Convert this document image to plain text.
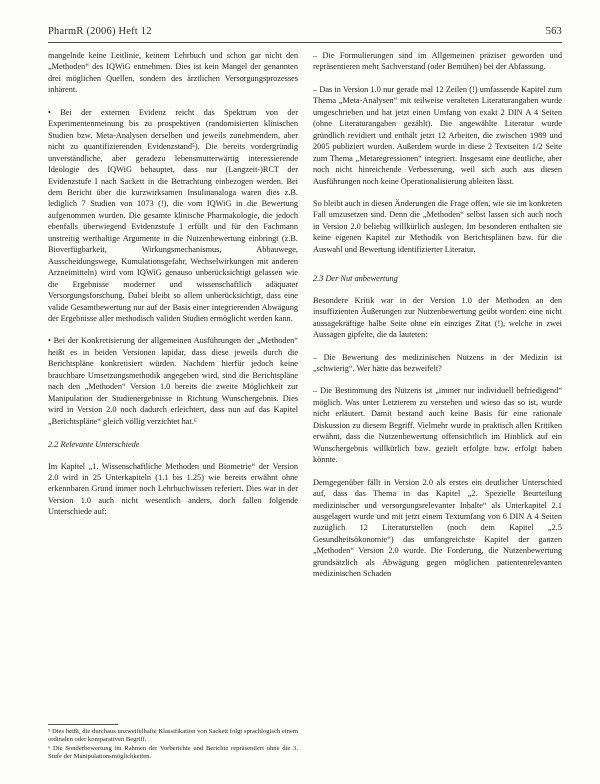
PharmR (2006) Heft 12	563

mangelnde keine Leitlinie, keinem Lehrbuch und schon gar nicht den „Methoden“ des IQWiG entnehmen. Dies ist kein Mangel der genannten drei möglichen Quellen, sondern des ärztlichen Versorgungsprozesses inhärent.

• Bei der externen Evidenz reicht das Spektrum von der Experimentenmeinung bis zu prospektiven (randomisierten klinischen Studien bzw. Meta-Analysen derselben und jeweils zunehmendem, aber nicht zu quantifizierenden Evidenzstand⁵). Die bereits vordergründig unverständliche, aber geradezu lebensmutterwärtig interessierende Ideologie des IQWiG behauptet, dass nur (Langzeit-)RCT der Evidenzstufe I nach Sackett in die Betrachtung einbezogen werden. Bei dem Bericht über die kurzwirksamen Insulinanaloga waren dies z.B. lediglich 7 Studien von 1073 (!), die vom IQWiG in die Bewertung aufgenommen wurden. Die gesamte klinische Pharmakologie, die jedoch ebenfalls überwiegend Evidenzstufe I erfüllt und für den Fachmann unstreitig werthaltige Argumente in die Nutzenbewertung einbringt (z.B. Bioverfügbarkeit, Wirkungsmechanismus, Abbauwege, Ausscheidungswege, Kumulationsgefahr, Wechselwirkungen mit anderen Arzneimitteln) wird vom IQWiG genauso unberücksichtigt gelassen wie die Ergebnisse moderner und wissenschaftlich adäquater Versorgungsforschung. Dabei bleibt so allem unberücksichtigt, dass eine valide Gesamtbewertung nur auf der Basis einer integrierenden Abwägung der Ergebnisse aller methodisch validen Studien ermöglicht werden kann.

• Bei der Konkretisierung der allgemeinen Ausführungen der „Methoden“ heißt es in beiden Versionen lapidar, dass diese jeweils durch die Berichtspläne konkretisiert würden. Nachdem hierfür jedoch keine brauchbare Umsetzungsmethodik angegeben wird, sind die Berichtspläne nach den „Methoden“ Version 1.0 bereits die zweite Möglichkeit zur Manipulation der Studienergebnisse in Richtung Wunschergebnis. Dies wird in Version 2.0 noch dadurch erleichtert, dass nun auf das Kapitel „Berichtspläne“ gleich völlig verzichtet hat.⁶

2.2 Relevante Unterschiede

Im Kapitel „1. Wissenschaftliche Methoden und Biometrie“ der Version 2.0 wird in 25 Unterkapiteln (1.1 bis 1.25) wie bereits erwähnt ohne erkennbaren Grund immer noch Lehrbuchwissen referiert. Dies war in der Version 1.0 auch nicht wesentlich anders, doch fallen folgende Unterschiede auf:

– Die Formulierungen sind im Allgemeinen präziser geworden und repräsentieren mehr Sachverstand (oder Bemühen) bei der Abfassung.

– Das in Version 1.0 nur gerade mal 12 Zeilen (!) umfassende Kapitel zum Thema „Meta-Analysen“ mit teilweise veralteten Literaturangaben wurde umgeschrieben und hat jetzt einen Umfang von exakt 2 DIN A 4 Seiten (ohne Literaturangaben gezählt). Die angewählte Literatur wurde gründlich revidiert und enthält jetzt 12 Arbeiten, die zwischen 1989 und 2005 publiziert wurden. Außerdem wurde in diese 2 Textseiten 1/2 Seite zum Thema „Metaregressionen“ integriert. Insgesamt eine deutliche, aber noch nicht hinreichende Verbesserung, weil sich auch aus diesen Ausführungen noch keine Operationalisierung ableiten lässt.

So bleibt auch in diesen Änderungen die Frage offen, wie sie im konkreten Fall umzusetzen sind. Denn die „Methoden“ selbst lassen sich auch noch in Version 2.0 beliebig willkürlich auslegen. Im besonderen enthalten sie keine eigenen Kapitel zur Methodik von Berichtsplänen bzw. für die Auswahl und Bewertung identifizierter Literatur.

2.3 Der Nut anbewertung

Besondere Kritik war in der Version 1.0 der Methoden an den insuffizienten Äußerungen zur Nutzenbewertung geübt worden: eine nicht aussagekräftige halbe Seite ohne ein einziges Zitat (!), welche in zwei Aussagen gipfelte, die da lauteten:

– Die Bewertung des medizinischen Nutzens in der Medizin ist „schwierig“. Wer hätte das bezweifelt?

– Die Bestimmung des Nutzens ist „immer nur individuell befriedigend“ möglich. Was unter Letzterem zu verstehen und wieso das so ist, wurde nicht erläutert. Damit bestand auch keine Basis für eine rationale Diskussion zu diesem Begriff. Vielmehr wurde in praktisch allen Kritiken erwähnt, dass die Nutzenbewertung offensichtlich im Hinblick auf ein Wunschergebnis willkürlich bzw. gezielt erfolgte bzw. erfolgt haben könnte.

Demgegenüber fällt in Version 2.0 als erstes ein deutlicher Unterschied auf, dass das Thema in das Kapitel „2. Spezielle Beurteilung medizinischer und versorgungsrelevanter Inhalte“ als Unterkapitel 2.1 ausgelagert wurde und mit jetzt einem Textumfang von 6 DIN A 4 Seiten zuzüglich 12 Literaturstellen (noch dem Kapitel „2.5 Gesundheitsökonomie“) das umfangreichste Kapitel der ganzen „Methoden“ Version 2.0 wurde. Die Forderung, die Nutzenbewertung grundsätzlich als Abwägung gegen möglichen patientenrelevanten medizinischen Schaden

⁵ Dies heißt, die durchaus unzweifelhafte Klassifikation von Sackett folgt sprachlogisch einem ordinalen oder komparativen Begriff.

⁶ Die Sonderbewertung im Rahmen der Vorberichte und Berichte repräsentiert ohne die 3. Stufe der Manipulationsmöglichkeiten.
